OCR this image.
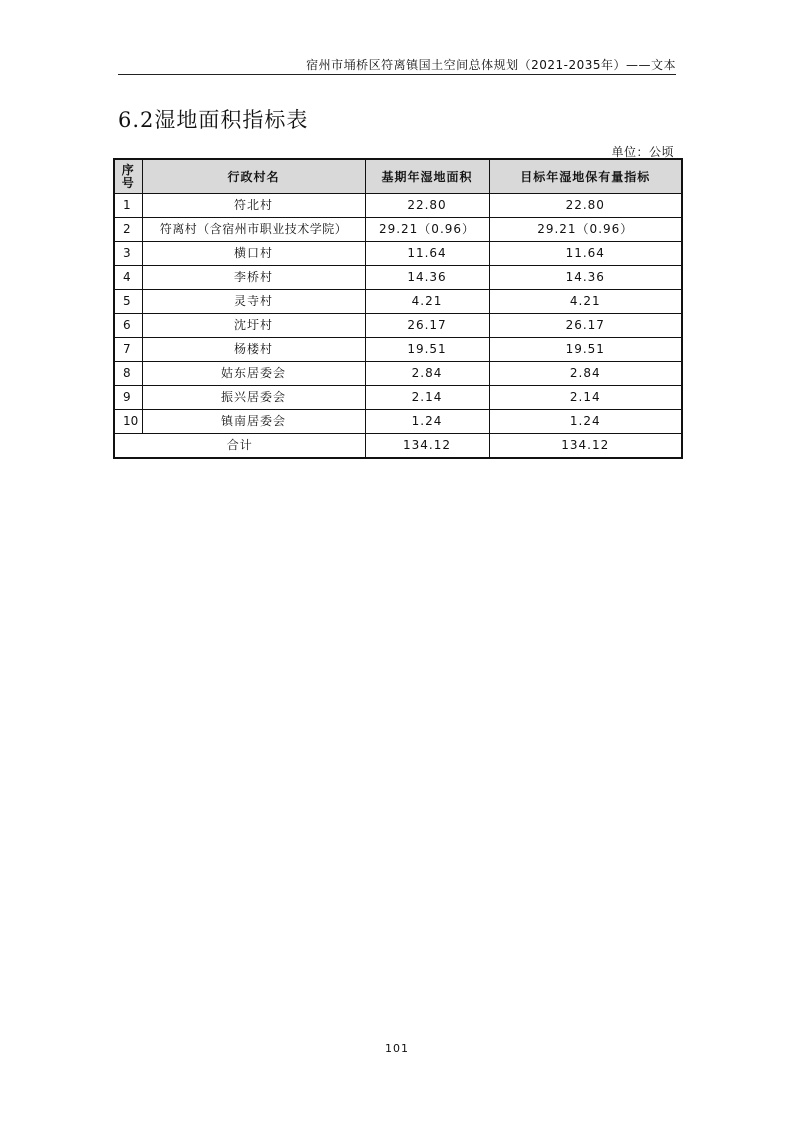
宿州市埇桥区符离镇国土空间总体规划（2021-2035年）——文本
6.2湿地面积指标表
单位：公顷
序
号	行政村名	基期年湿地面积	目标年湿地保有量指标
1	符北村	22.80	22.80
2	符离村（含宿州市职业技术学院）	29.21（0.96）	29.21（0.96）
3	横口村	11.64	11.64
4	李桥村	14.36	14.36
5	灵寺村	4.21	4.21
6	沈圩村	26.17	26.17
7	杨楼村	19.51	19.51
8	姑东居委会	2.84	2.84
9	振兴居委会	2.14	2.14
10	镇南居委会	1.24	1.24
合计		134.12	134.12
101
